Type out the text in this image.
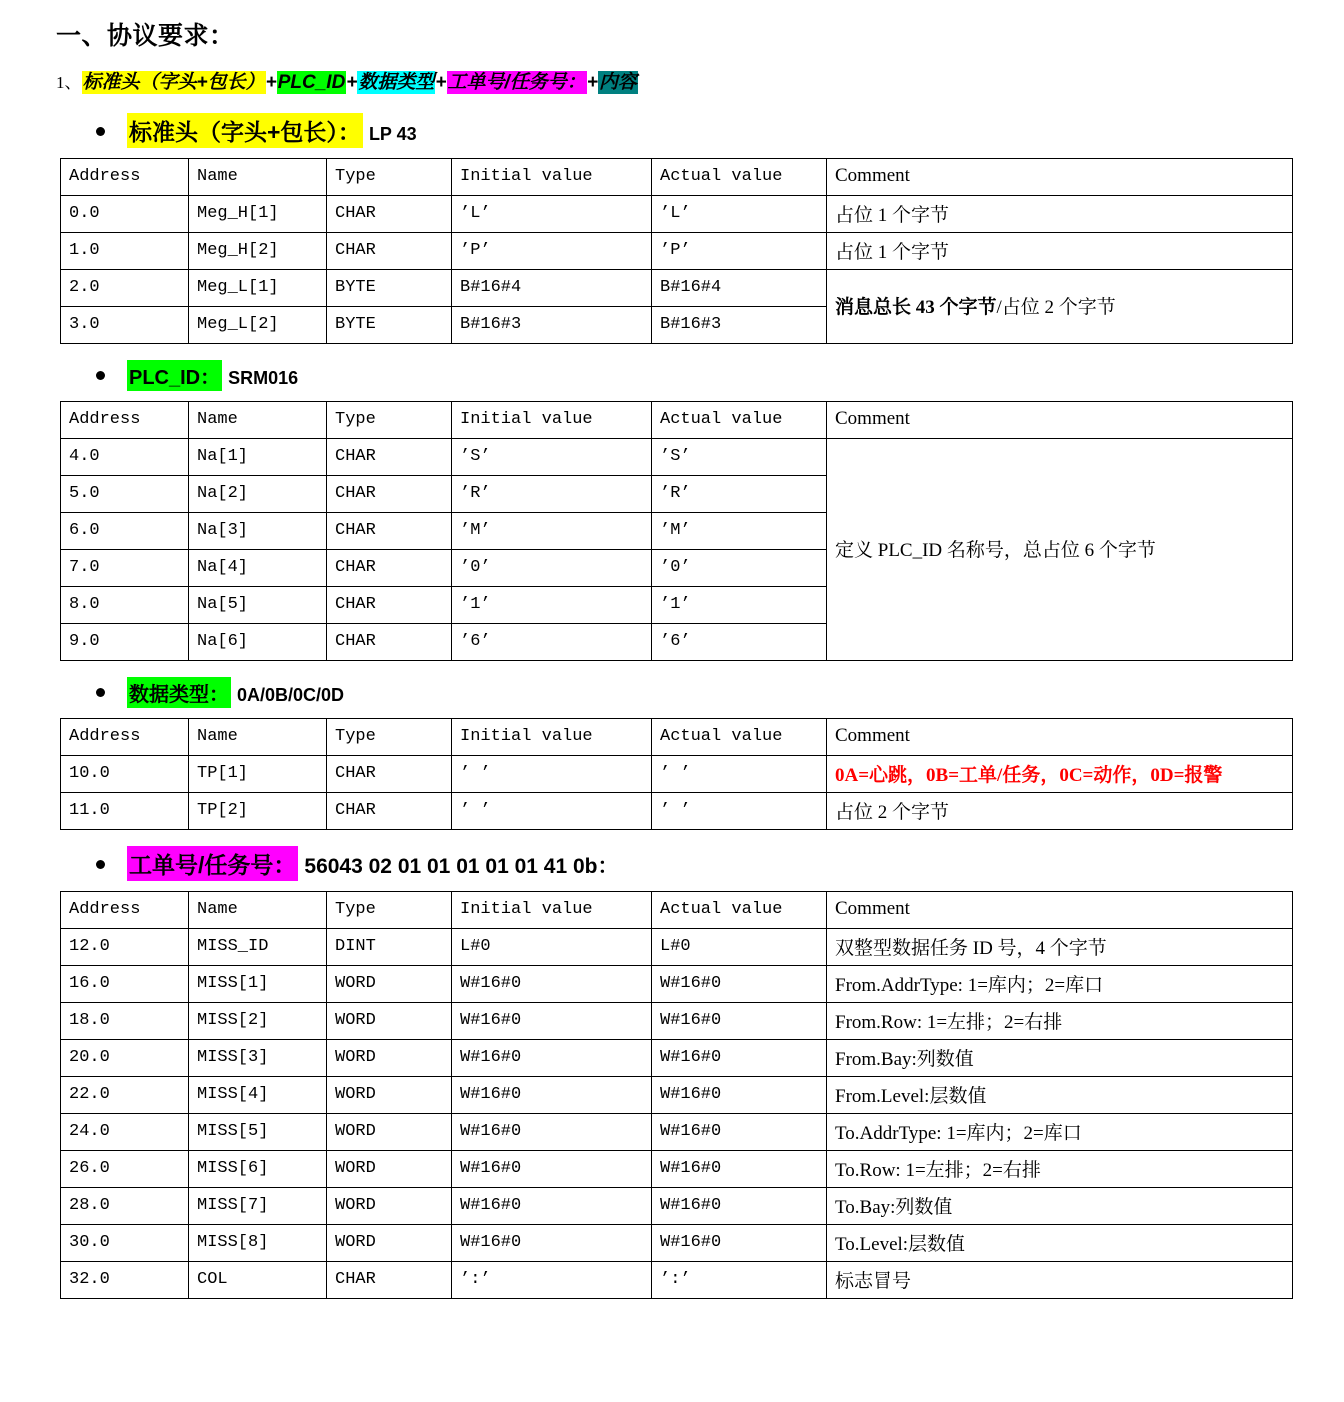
一、协议要求：

1、标准头（字头+包长）+PLC_ID+数据类型+工单号/任务号：+内容

标准头（字头+包长）： LP 43
Address	Name	Type	Initial value	Actual value	Comment
0.0	Meg_H[1]	CHAR	’L’	’L’	占位 1 个字节
1.0	Meg_H[2]	CHAR	’P’	’P’	占位 1 个字节
2.0	Meg_L[1]	BYTE	B#16#4	B#16#4	消息总长 43 个字节/占位 2 个字节
3.0	Meg_L[2]	BYTE	B#16#3	B#16#3	
PLC_ID： SRM016
Address	Name	Type	Initial value	Actual value	Comment
4.0	Na[1]	CHAR	’S’	’S’	定义 PLC_ID 名称号，总占位 6 个字节
5.0	Na[2]	CHAR	’R’	’R’	
6.0	Na[3]	CHAR	’M’	’M’	
7.0	Na[4]	CHAR	’0’	’0’	
8.0	Na[5]	CHAR	’1’	’1’	
9.0	Na[6]	CHAR	’6’	’6’	
数据类型： 0A/0B/0C/0D
Address	Name	Type	Initial value	Actual value	Comment
10.0	TP[1]	CHAR	’ ’	’ ’	0A=心跳，0B=工单/任务，0C=动作，0D=报警
11.0	TP[2]	CHAR	’ ’	’ ’	占位 2 个字节
工单号/任务号： 56043 02 01 01 01 01 01 41 0b：
Address	Name	Type	Initial value	Actual value	Comment
12.0	MISS_ID	DINT	L#0	L#0	双整型数据任务 ID 号，4 个字节
16.0	MISS[1]	WORD	W#16#0	W#16#0	From.AddrType: 1=库内；2=库口
18.0	MISS[2]	WORD	W#16#0	W#16#0	From.Row: 1=左排；2=右排
20.0	MISS[3]	WORD	W#16#0	W#16#0	From.Bay:列数值
22.0	MISS[4]	WORD	W#16#0	W#16#0	From.Level:层数值
24.0	MISS[5]	WORD	W#16#0	W#16#0	To.AddrType: 1=库内；2=库口
26.0	MISS[6]	WORD	W#16#0	W#16#0	To.Row: 1=左排；2=右排
28.0	MISS[7]	WORD	W#16#0	W#16#0	To.Bay:列数值
30.0	MISS[8]	WORD	W#16#0	W#16#0	To.Level:层数值
32.0	COL	CHAR	’:’	’:’	标志冒号
